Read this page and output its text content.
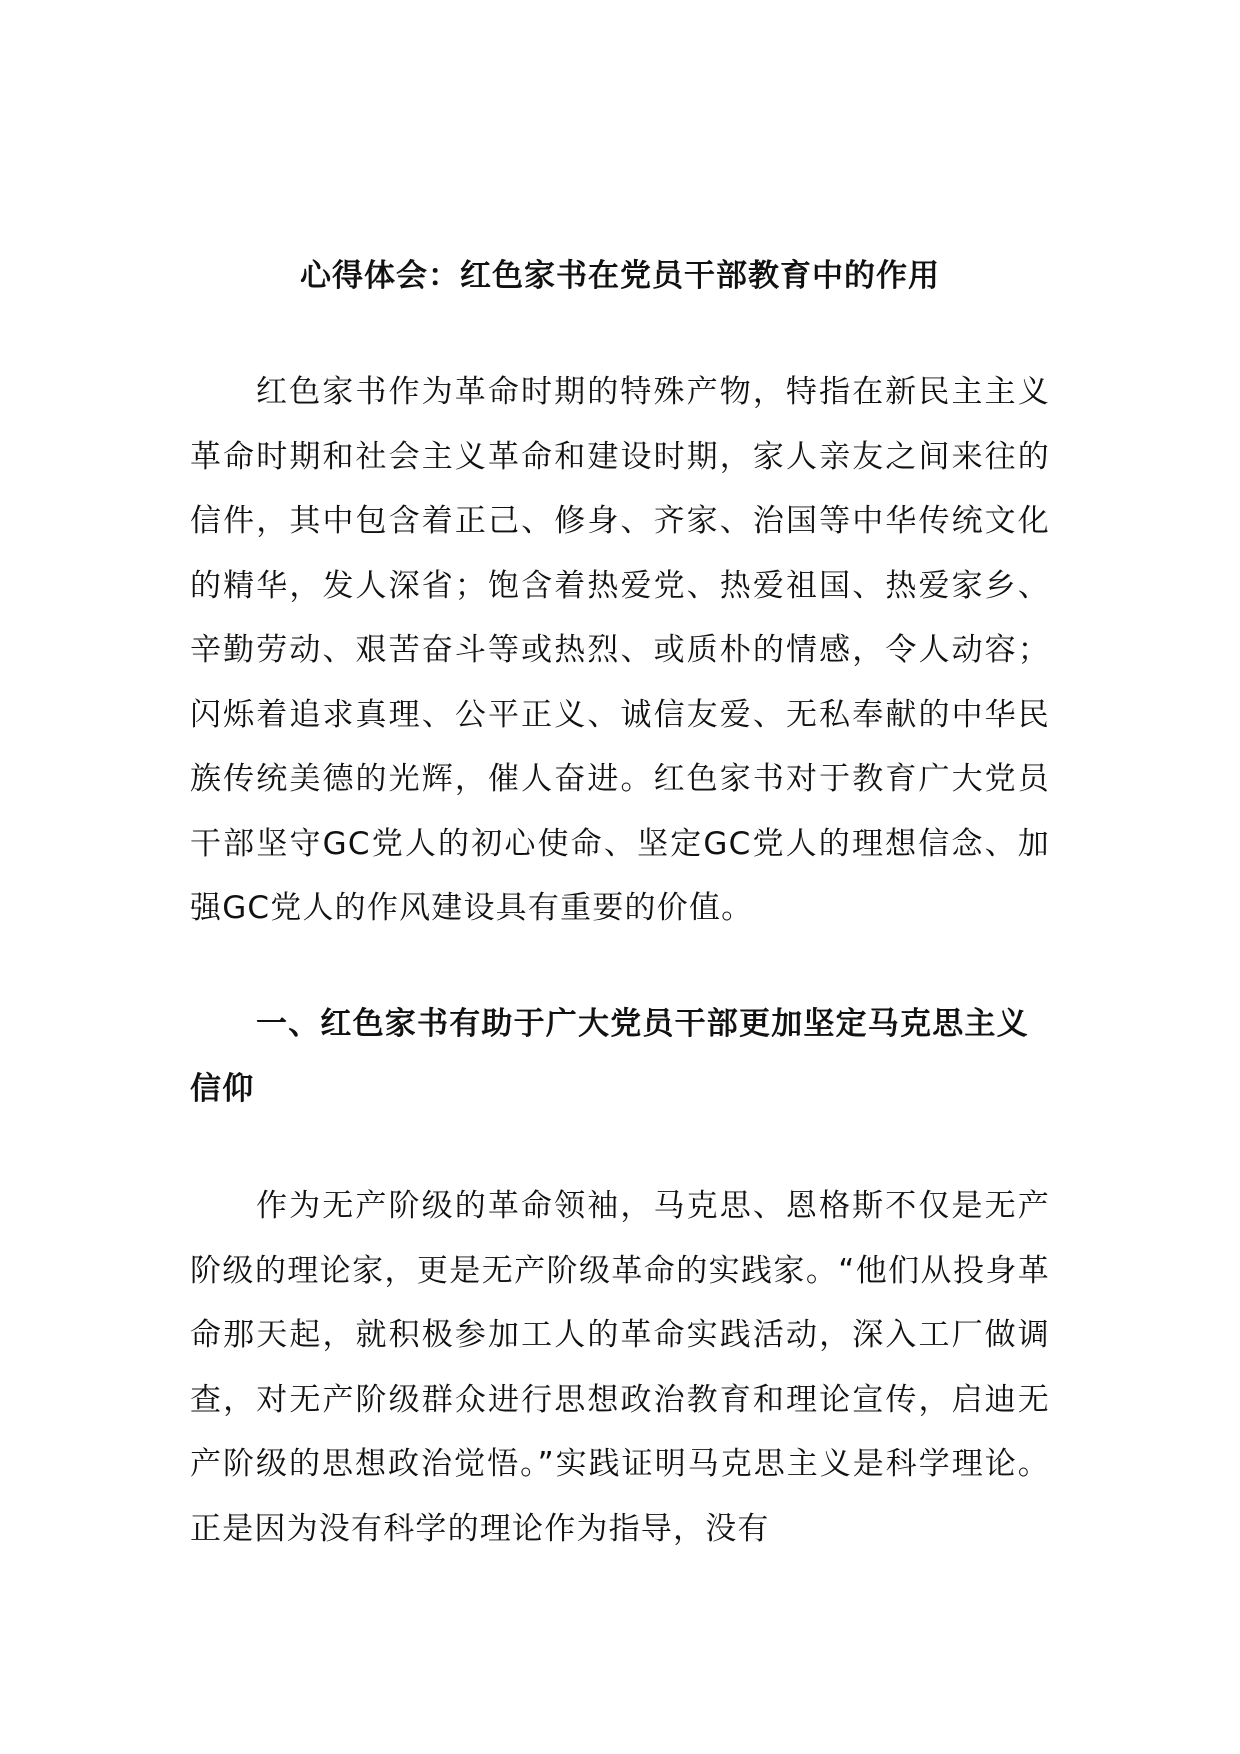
心得体会：红色家书在党员干部教育中的作用

红色家书作为革命时期的特殊产物，特指在新民主主义革命时期和社会主义革命和建设时期，家人亲友之间来往的信件，其中包含着正己、修身、齐家、治国等中华传统文化的精华，发人深省；饱含着热爱党、热爱祖国、热爱家乡、辛勤劳动、艰苦奋斗等或热烈、或质朴的情感，令人动容；闪烁着追求真理、公平正义、诚信友爱、无私奉献的中华民族传统美德的光辉，催人奋进。红色家书对于教育广大党员干部坚守GC党人的初心使命、坚定GC党人的理想信念、加强GC党人的作风建设具有重要的价值。

一、红色家书有助于广大党员干部更加坚定马克思主义信仰

作为无产阶级的革命领袖，马克思、恩格斯不仅是无产阶级的理论家，更是无产阶级革命的实践家。“他们从投身革命那天起，就积极参加工人的革命实践活动，深入工厂做调查，对无产阶级群众进行思想政治教育和理论宣传，启迪无产阶级的思想政治觉悟。”实践证明马克思主义是科学理论。正是因为没有科学的理论作为指导，没有
